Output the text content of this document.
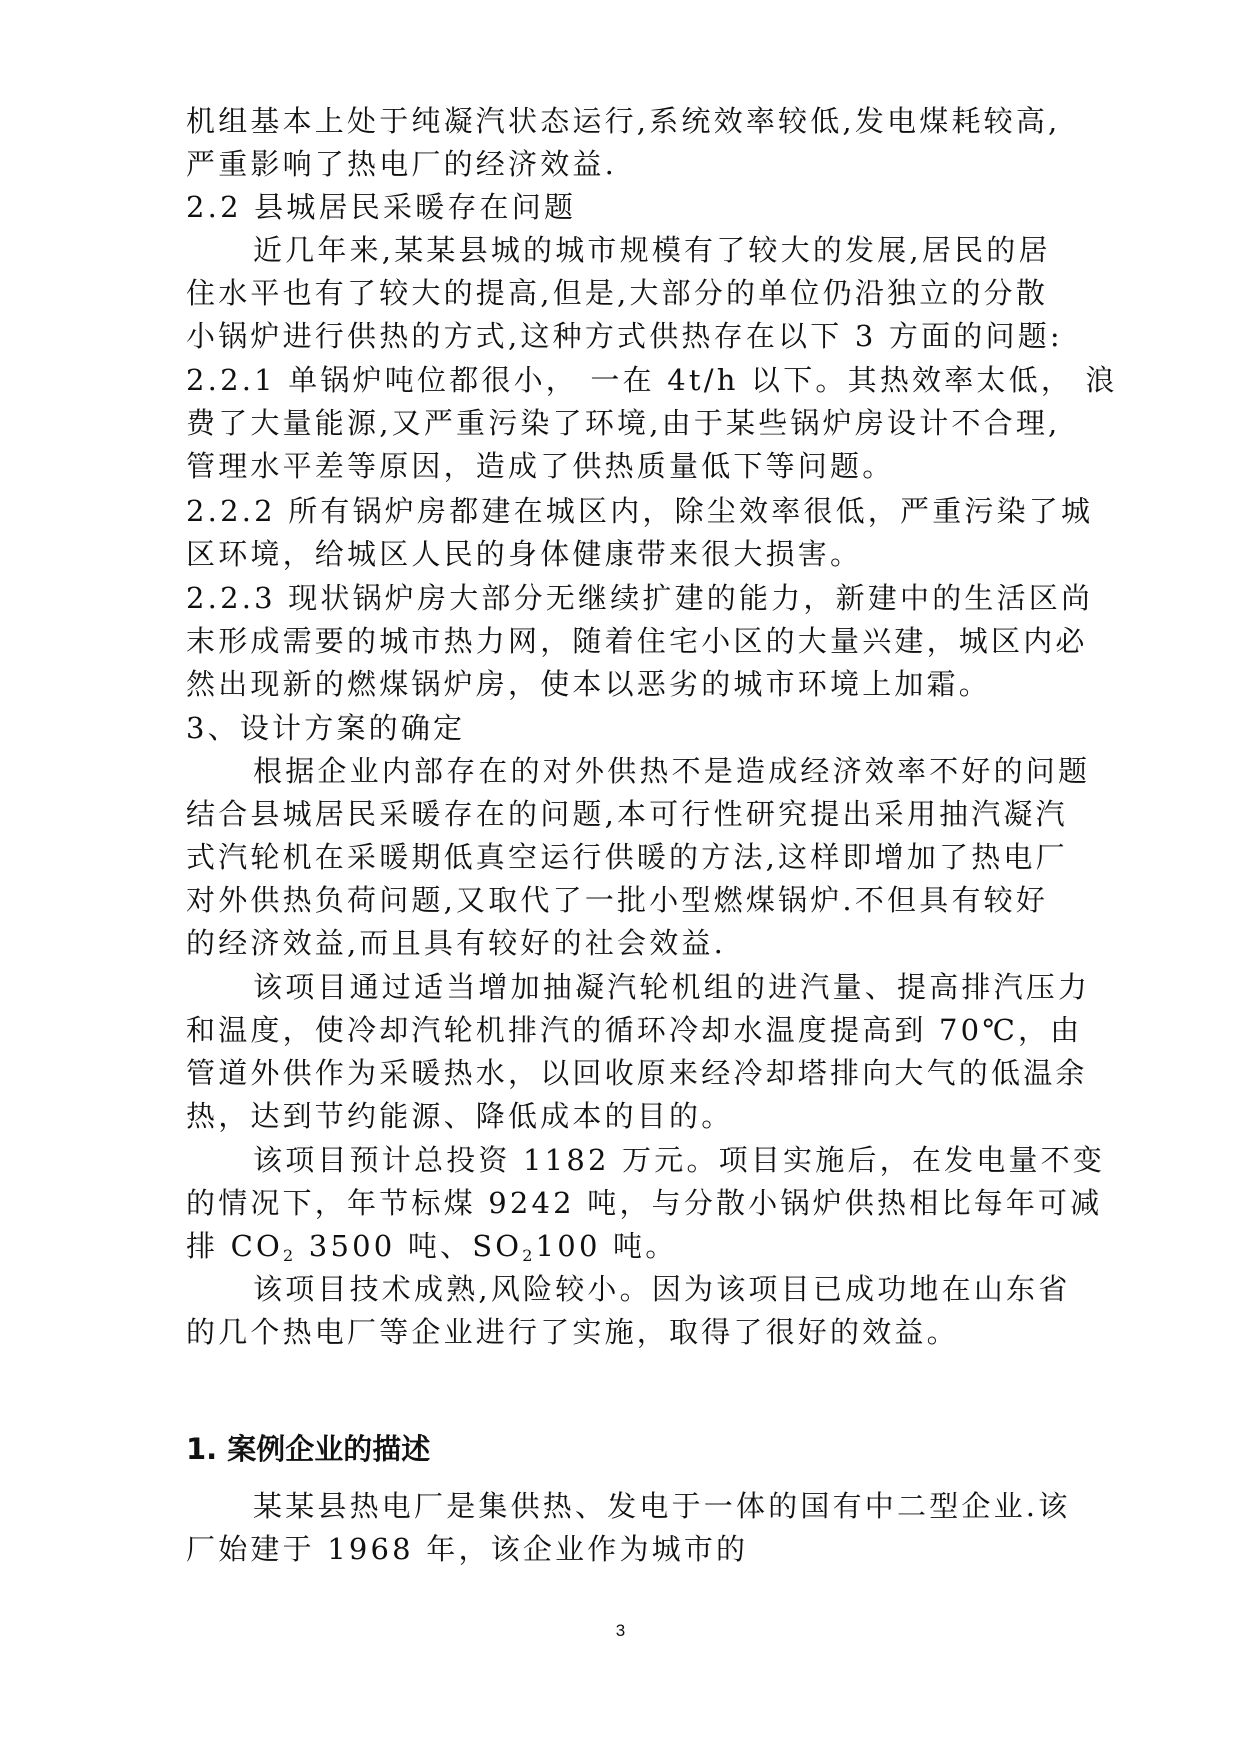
机组基本上处于纯凝汽状态运行,系统效率较低,发电煤耗较高,
严重影响了热电厂的经济效益.
2.2 县城居民采暖存在问题
近几年来,某某县城的城市规模有了较大的发展,居民的居
住水平也有了较大的提高,但是,大部分的单位仍沿独立的分散
小锅炉进行供热的方式,这种方式供热存在以下 3 方面的问题:
2.2.1 单锅炉吨位都很小， 一在 4t/h 以下。其热效率太低， 浪
费了大量能源,又严重污染了环境,由于某些锅炉房设计不合理,
管理水平差等原因，造成了供热质量低下等问题。
2.2.2 所有锅炉房都建在城区内，除尘效率很低，严重污染了城
区环境，给城区人民的身体健康带来很大损害。
2.2.3 现状锅炉房大部分无继续扩建的能力，新建中的生活区尚
末形成需要的城市热力网，随着住宅小区的大量兴建，城区内必
然出现新的燃煤锅炉房，使本以恶劣的城市环境上加霜。
3、设计方案的确定
根据企业内部存在的对外供热不是造成经济效率不好的问题
结合县城居民采暖存在的问题,本可行性研究提出采用抽汽凝汽
式汽轮机在采暖期低真空运行供暖的方法,这样即增加了热电厂
对外供热负荷问题,又取代了一批小型燃煤锅炉.不但具有较好
的经济效益,而且具有较好的社会效益.
该项目通过适当增加抽凝汽轮机组的进汽量、提高排汽压力
和温度，使冷却汽轮机排汽的循环冷却水温度提高到 70℃，由
管道外供作为采暖热水，以回收原来经冷却塔排向大气的低温余
热，达到节约能源、降低成本的目的。
该项目预计总投资 1182 万元。项目实施后，在发电量不变
的情况下，年节标煤 9242 吨，与分散小锅炉供热相比每年可减
排 $CO_2$ 3500 吨、$SO_2100$ 吨。
该项目技术成熟,风险较小。因为该项目已成功地在山东省
的几个热电厂等企业进行了实施，取得了很好的效益。
1. 案例企业的描述
某某县热电厂是集供热、发电于一体的国有中二型企业.该
厂始建于 1968 年，该企业作为城市的
3
